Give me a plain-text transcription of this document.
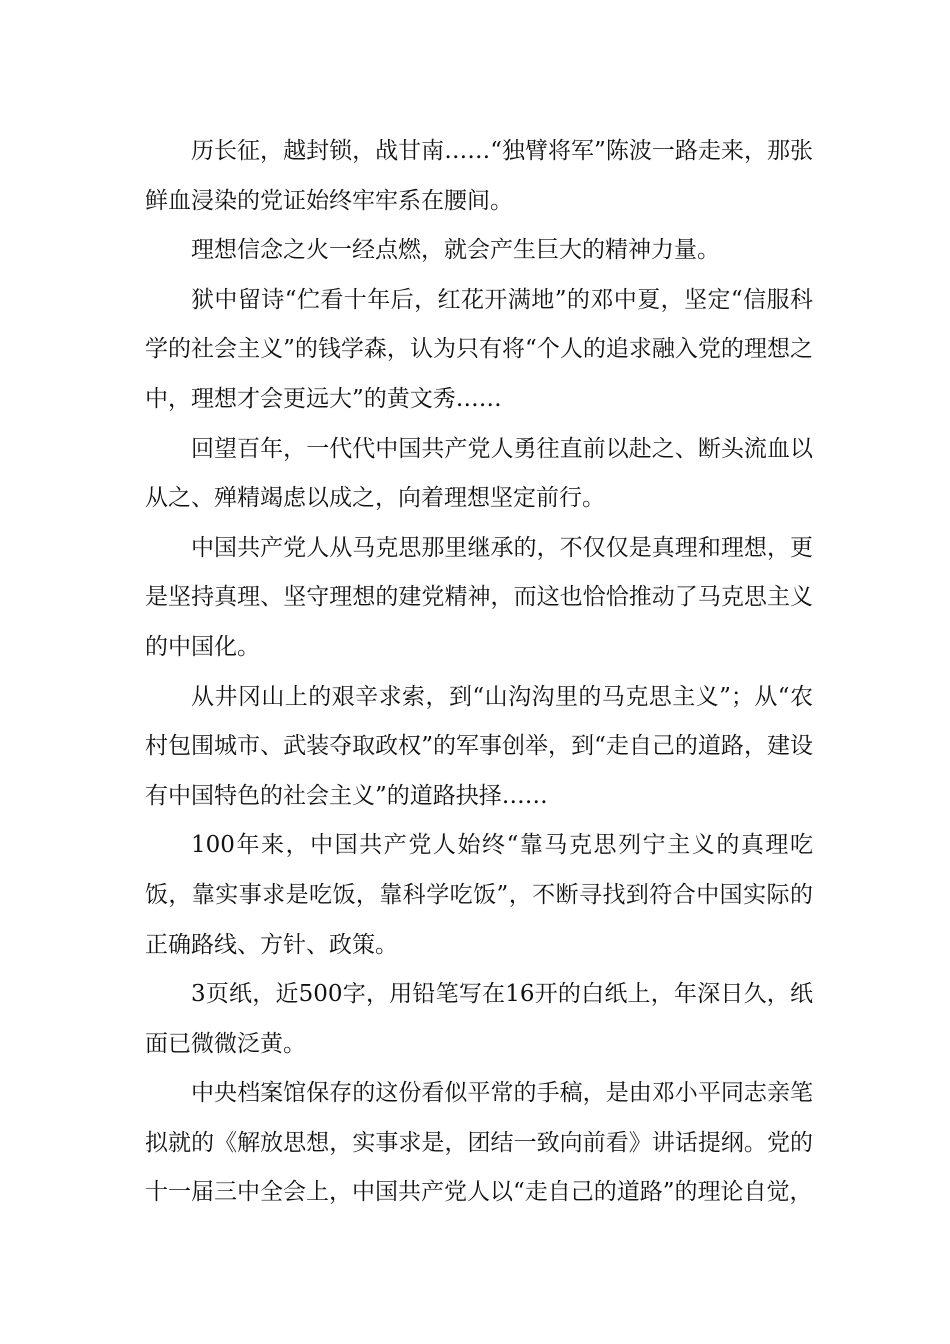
历长征，越封锁，战甘南……“独臂将军”陈波一路走来，那张鲜血浸染的党证始终牢牢系在腰间。

理想信念之火一经点燃，就会产生巨大的精神力量。

狱中留诗“伫看十年后，红花开满地”的邓中夏，坚定“信服科学的社会主义”的钱学森，认为只有将“个人的追求融入党的理想之中，理想才会更远大”的黄文秀……

回望百年，一代代中国共产党人勇往直前以赴之、断头流血以从之、殚精竭虑以成之，向着理想坚定前行。

中国共产党人从马克思那里继承的，不仅仅是真理和理想，更是坚持真理、坚守理想的建党精神，而这也恰恰推动了马克思主义的中国化。

从井冈山上的艰辛求索，到“山沟沟里的马克思主义”；从“农村包围城市、武装夺取政权”的军事创举，到“走自己的道路，建设有中国特色的社会主义”的道路抉择……

100年来，中国共产党人始终“靠马克思列宁主义的真理吃饭，靠实事求是吃饭，靠科学吃饭”，不断寻找到符合中国实际的正确路线、方针、政策。

3页纸，近500字，用铅笔写在16开的白纸上，年深日久，纸面已微微泛黄。

中央档案馆保存的这份看似平常的手稿，是由邓小平同志亲笔拟就的《解放思想，实事求是，团结一致向前看》讲话提纲。党的十一届三中全会上，中国共产党人以“走自己的道路”的理论自觉，
